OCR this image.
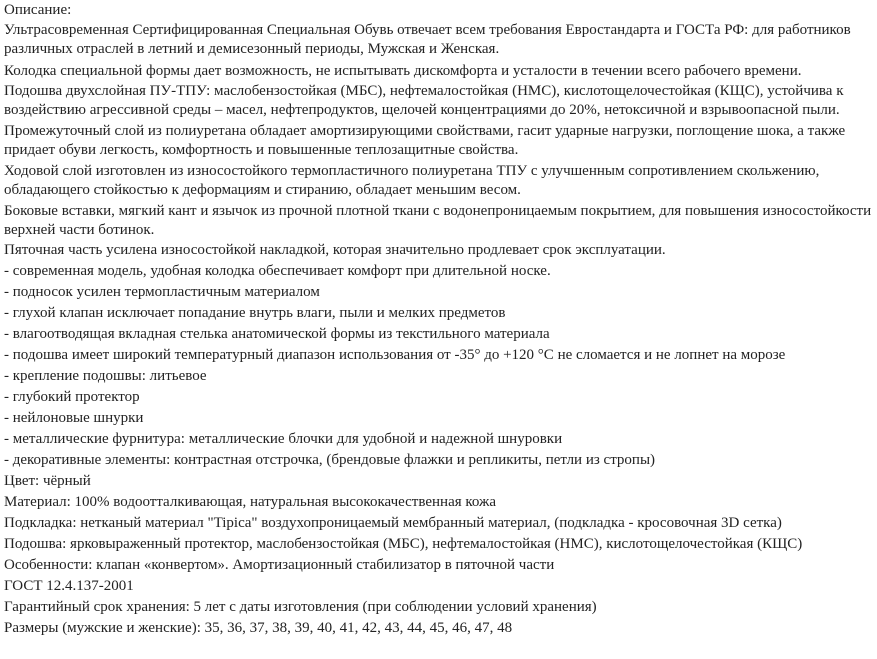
Описание:
Ультрасовременная Сертифицированная Специальная Обувь отвечает всем требования Евростандарта и ГОСТа РФ: для работников различных отраслей в летний и демисезонный периоды, Мужская и Женская.
Колодка специальной формы дает возможность, не испытывать дискомфорта и усталости в течении всего рабочего времени.
Подошва двухслойная ПУ-ТПУ: маслобензостойкая (МБС), нефтемалостойкая (НМС), кислотощелочестойкая (КЩС), устойчива к воздействию агрессивной среды – масел, нефтепродуктов, щелочей концентрациями до 20%, нетоксичной и взрывоопасной пыли.
Промежуточный слой из полиуретана обладает амортизирующими свойствами, гасит ударные нагрузки, поглощение шока, а также придает обуви легкость, комфортность и повышенные теплозащитные свойства.
Ходовой слой изготовлен из износостойкого термопластичного полиуретана ТПУ с улучшенным сопротивлением скольжению, обладающего стойкостью к деформациям и стиранию, обладает меньшим весом.
Боковые вставки, мягкий кант и язычок из прочной плотной ткани с водонепроницаемым покрытием, для повышения износостойкости верхней части ботинок.
Пяточная часть усилена износостойкой накладкой, которая значительно продлевает срок эксплуатации.
- современная модель, удобная колодка обеспечивает комфорт при длительной носке.
- подносок усилен термопластичным материалом
- глухой клапан исключает попадание внутрь влаги, пыли и мелких предметов
- влагоотводящая вкладная стелька анатомической формы из текстильного материала
- подошва имеет широкий температурный диапазон использования от -35° до +120 °С не сломается и не лопнет на морозе
- крепление подошвы: литьевое
- глубокий протектор
- нейлоновые шнурки
- металлические фурнитура: металлические блочки для удобной и надежной шнуровки
- декоративные элементы: контрастная отстрочка, (брендовые флажки и репликиты, петли из стропы)
Цвет: чёрный
Материал: 100% водоотталкивающая, натуральная высококачественная кожа
Подкладка: нетканый материал "Tipica" воздухопроницаемый мембранный материал, (подкладка - кросовочная 3D сетка)
Подошва: ярковыраженный протектор, маслобензостойкая (МБС), нефтемалостойкая (НМС), кислотощелочестойкая (КЩС)
Особенности: клапан «конвертом». Амортизационный стабилизатор в пяточной части
ГОСТ 12.4.137-2001
Гарантийный срок хранения: 5 лет с даты изготовления (при соблюдении условий хранения)
Размеры (мужские и женские): 35, 36, 37, 38, 39, 40, 41, 42, 43, 44, 45, 46, 47, 48
